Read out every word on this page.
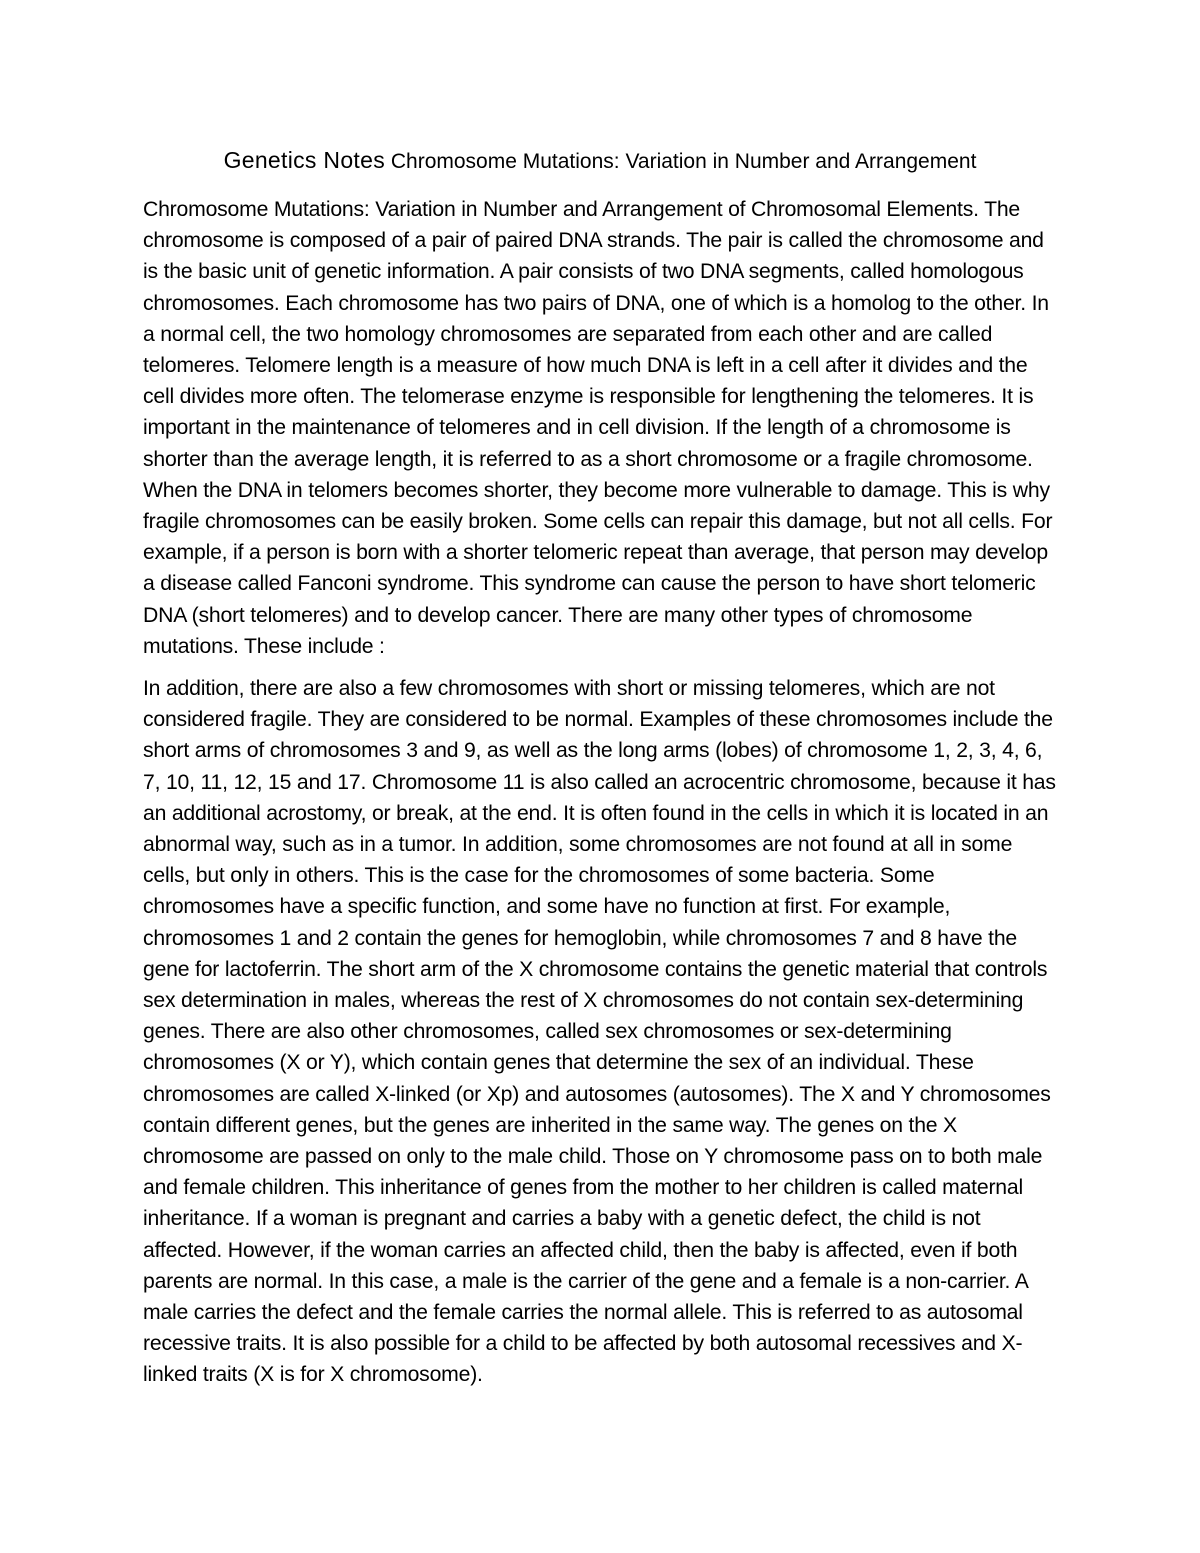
Genetics Notes Chromosome Mutations: Variation in Number and Arrangement

Chromosome Mutations: Variation in Number and Arrangement of Chromosomal Elements. The chromosome is composed of a pair of paired DNA strands. The pair is called the chromosome and is the basic unit of genetic information. A pair consists of two DNA segments, called homologous chromosomes. Each chromosome has two pairs of DNA, one of which is a homolog to the other. In a normal cell, the two homology chromosomes are separated from each other and are called telomeres. Telomere length is a measure of how much DNA is left in a cell after it divides and the cell divides more often. The telomerase enzyme is responsible for lengthening the telomeres. It is important in the maintenance of telomeres and in cell division. If the length of a chromosome is shorter than the average length, it is referred to as a short chromosome or a fragile chromosome. When the DNA in telomers becomes shorter, they become more vulnerable to damage. This is why fragile chromosomes can be easily broken. Some cells can repair this damage, but not all cells. For example, if a person is born with a shorter telomeric repeat than average, that person may develop a disease called Fanconi syndrome. This syndrome can cause the person to have short telomeric DNA (short telomeres) and to develop cancer. There are many other types of chromosome mutations. These include :

In addition, there are also a few chromosomes with short or missing telomeres, which are not considered fragile. They are considered to be normal. Examples of these chromosomes include the short arms of chromosomes 3 and 9, as well as the long arms (lobes) of chromosome 1, 2, 3, 4, 6, 7, 10, 11, 12, 15 and 17. Chromosome 11 is also called an acrocentric chromosome, because it has an additional acrostomy, or break, at the end. It is often found in the cells in which it is located in an abnormal way, such as in a tumor. In addition, some chromosomes are not found at all in some cells, but only in others. This is the case for the chromosomes of some bacteria. Some chromosomes have a specific function, and some have no function at first. For example, chromosomes 1 and 2 contain the genes for hemoglobin, while chromosomes 7 and 8 have the gene for lactoferrin. The short arm of the X chromosome contains the genetic material that controls sex determination in males, whereas the rest of X chromosomes do not contain sex-determining genes. There are also other chromosomes, called sex chromosomes or sex-determining chromosomes (X or Y), which contain genes that determine the sex of an individual. These chromosomes are called X-linked (or Xp) and autosomes (autosomes). The X and Y chromosomes contain different genes, but the genes are inherited in the same way. The genes on the X chromosome are passed on only to the male child. Those on Y chromosome pass on to both male and female children. This inheritance of genes from the mother to her children is called maternal inheritance. If a woman is pregnant and carries a baby with a genetic defect, the child is not affected. However, if the woman carries an affected child, then the baby is affected, even if both parents are normal. In this case, a male is the carrier of the gene and a female is a non-carrier. A male carries the defect and the female carries the normal allele. This is referred to as autosomal recessive traits. It is also possible for a child to be affected by both autosomal recessives and X-linked traits (X is for X chromosome).
